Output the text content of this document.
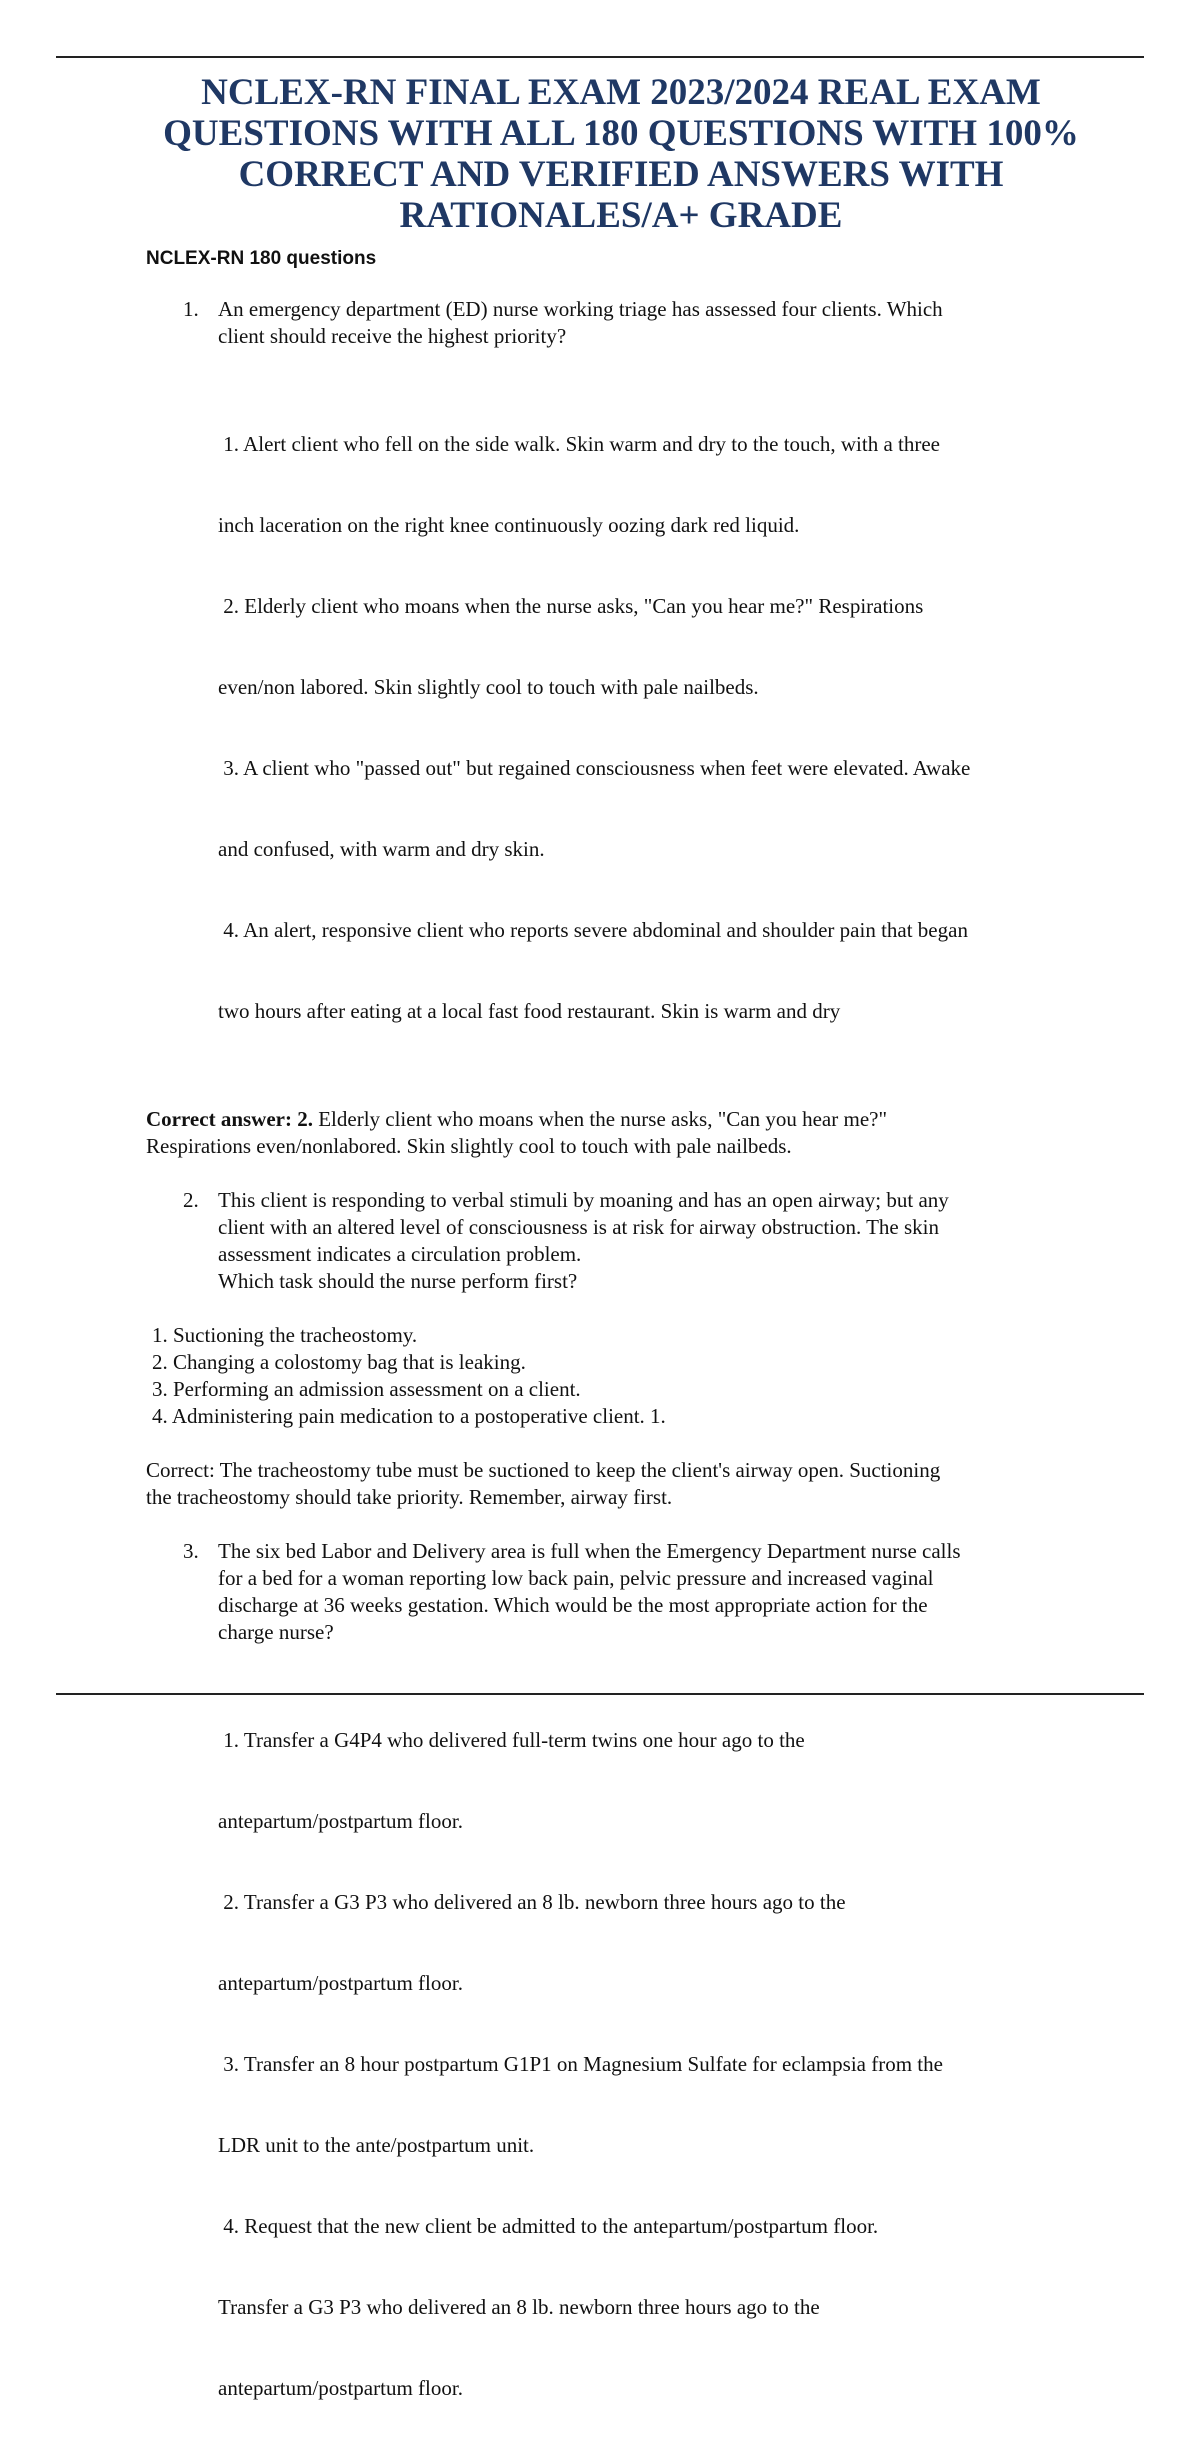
NCLEX-RN FINAL EXAM 2023/2024 REAL EXAM
QUESTIONS WITH ALL 180 QUESTIONS WITH 100%
CORRECT AND VERIFIED ANSWERS WITH
RATIONALES/A+ GRADE
NCLEX-RN 180 questions
1. An emergency department (ED) nurse working triage has assessed four clients. Which
client should receive the highest priority?

1. Alert client who fell on the side walk. Skin warm and dry to the touch, with a three

inch laceration on the right knee continuously oozing dark red liquid.

2. Elderly client who moans when the nurse asks, "Can you hear me?" Respirations

even/non labored. Skin slightly cool to touch with pale nailbeds.

3. A client who "passed out" but regained consciousness when feet were elevated. Awake

and confused, with warm and dry skin.

4. An alert, responsive client who reports severe abdominal and shoulder pain that began

two hours after eating at a local fast food restaurant. Skin is warm and dry

Correct answer: 2. Elderly client who moans when the nurse asks, "Can you hear me?"
Respirations even/nonlabored. Skin slightly cool to touch with pale nailbeds.
2. This client is responding to verbal stimuli by moaning and has an open airway; but any
client with an altered level of consciousness is at risk for airway obstruction. The skin
assessment indicates a circulation problem.
Which task should the nurse perform first?
1. Suctioning the tracheostomy.
2. Changing a colostomy bag that is leaking.
3. Performing an admission assessment on a client.
4. Administering pain medication to a postoperative client. 1.
Correct: The tracheostomy tube must be suctioned to keep the client's airway open. Suctioning
the tracheostomy should take priority. Remember, airway first.
3. The six bed Labor and Delivery area is full when the Emergency Department nurse calls
for a bed for a woman reporting low back pain, pelvic pressure and increased vaginal
discharge at 36 weeks gestation. Which would be the most appropriate action for the
charge nurse?

1. Transfer a G4P4 who delivered full-term twins one hour ago to the

antepartum/postpartum floor.

2. Transfer a G3 P3 who delivered an 8 lb. newborn three hours ago to the

antepartum/postpartum floor.

3. Transfer an 8 hour postpartum G1P1 on Magnesium Sulfate for eclampsia from the

LDR unit to the ante/postpartum unit.

4. Request that the new client be admitted to the antepartum/postpartum floor.

Transfer a G3 P3 who delivered an 8 lb. newborn three hours ago to the

antepartum/postpartum floor.
